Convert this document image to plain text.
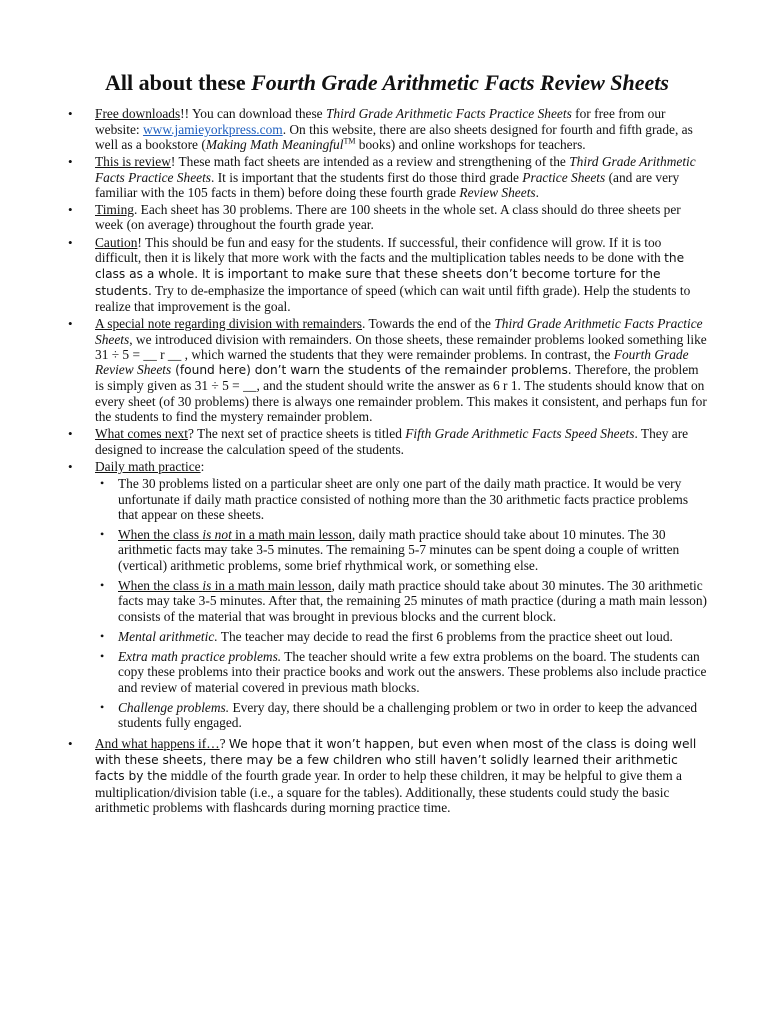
All about these Fourth Grade Arithmetic Facts Review Sheets
• Free downloads!! You can download these Third Grade Arithmetic Facts Practice Sheets for free from our website: www.jamieyorkpress.com. On this website, there are also sheets designed for fourth and fifth grade, as well as a bookstore (Making Math Meaningful™ books) and online workshops for teachers.
• This is review! These math fact sheets are intended as a review and strengthening of the Third Grade Arithmetic Facts Practice Sheets. It is important that the students first do those third grade Practice Sheets (and are very familiar with the 105 facts in them) before doing these fourth grade Review Sheets.
• Timing. Each sheet has 30 problems. There are 100 sheets in the whole set. A class should do three sheets per week (on average) throughout the fourth grade year.
• Caution! This should be fun and easy for the students. If successful, their confidence will grow. If it is too difficult, then it is likely that more work with the facts and the multiplication tables needs to be done with the class as a whole. It is important to make sure that these sheets don’t become torture for the students. Try to de-emphasize the importance of speed (which can wait until fifth grade). Help the students to realize that improvement is the goal.
• A special note regarding division with remainders. Towards the end of the Third Grade Arithmetic Facts Practice Sheets, we introduced division with remainders. On those sheets, these remainder problems looked something like 31 ÷ 5 = __ r __ , which warned the students that they were remainder problems. In contrast, the Fourth Grade Review Sheets (found here) don’t warn the students of the remainder problems. Therefore, the problem is simply given as 31 ÷ 5 = __, and the student should write the answer as 6 r 1. The students should know that on every sheet (of 30 problems) there is always one remainder problem. This makes it consistent, and perhaps fun for the students to find the mystery remainder problem.
• What comes next? The next set of practice sheets is titled Fifth Grade Arithmetic Facts Speed Sheets. They are designed to increase the calculation speed of the students.
• Daily math practice:
• The 30 problems listed on a particular sheet are only one part of the daily math practice. It would be very unfortunate if daily math practice consisted of nothing more than the 30 arithmetic facts practice problems that appear on these sheets.
• When the class is not in a math main lesson, daily math practice should take about 10 minutes. The 30 arithmetic facts may take 3-5 minutes. The remaining 5-7 minutes can be spent doing a couple of written (vertical) arithmetic problems, some brief rhythmical work, or something else.
• When the class is in a math main lesson, daily math practice should take about 30 minutes. The 30 arithmetic facts may take 3-5 minutes. After that, the remaining 25 minutes of math practice (during a math main lesson) consists of the material that was brought in previous blocks and the current block.
• Mental arithmetic. The teacher may decide to read the first 6 problems from the practice sheet out loud.
• Extra math practice problems. The teacher should write a few extra problems on the board. The students can copy these problems into their practice books and work out the answers. These problems also include practice and review of material covered in previous math blocks.
• Challenge problems. Every day, there should be a challenging problem or two in order to keep the advanced students fully engaged.
• And what happens if…? We hope that it won’t happen, but even when most of the class is doing well with these sheets, there may be a few children who still haven’t solidly learned their arithmetic facts by the middle of the fourth grade year. In order to help these children, it may be helpful to give them a multiplication/division table (i.e., a square for the tables). Additionally, these students could study the basic arithmetic problems with flashcards during morning practice time.
